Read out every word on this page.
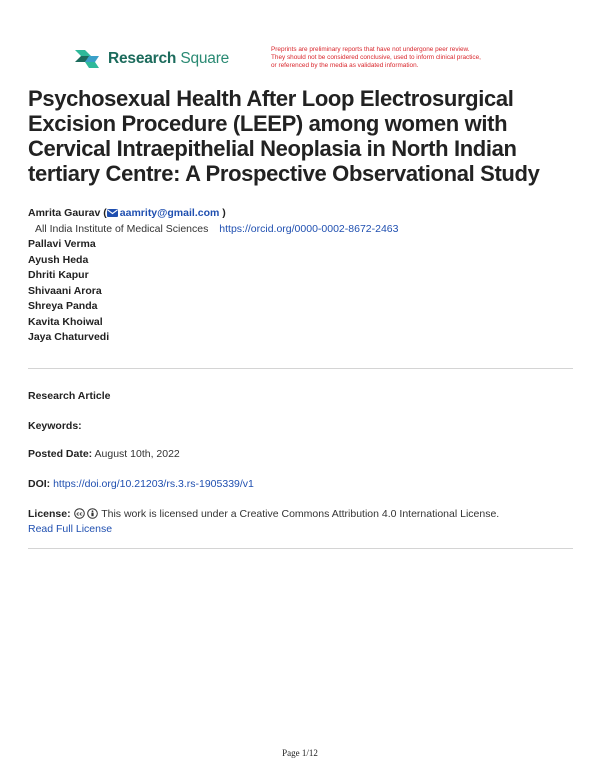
Research Square
Preprints are preliminary reports that have not undergone peer review.
They should not be considered conclusive, used to inform clinical practice,
or referenced by the media as validated information.
Psychosexual Health After Loop Electrosurgical Excision Procedure (LEEP) among women with Cervical Intraepithelial Neoplasia in North Indian tertiary Centre: A Prospective Observational Study
Amrita Gaurav ( aamrity@gmail.com )
All India Institute of Medical Sciences https://orcid.org/0000-0002-8672-2463
Pallavi Verma
Ayush Heda
Dhriti Kapur
Shivaani Arora
Shreya Panda
Kavita Khoiwal
Jaya Chaturvedi
Research Article
Keywords:
Posted Date: August 10th, 2022
DOI: https://doi.org/10.21203/rs.3.rs-1905339/v1
License: cc This work is licensed under a Creative Commons Attribution 4.0 International License.
Read Full License
Page 1/12
